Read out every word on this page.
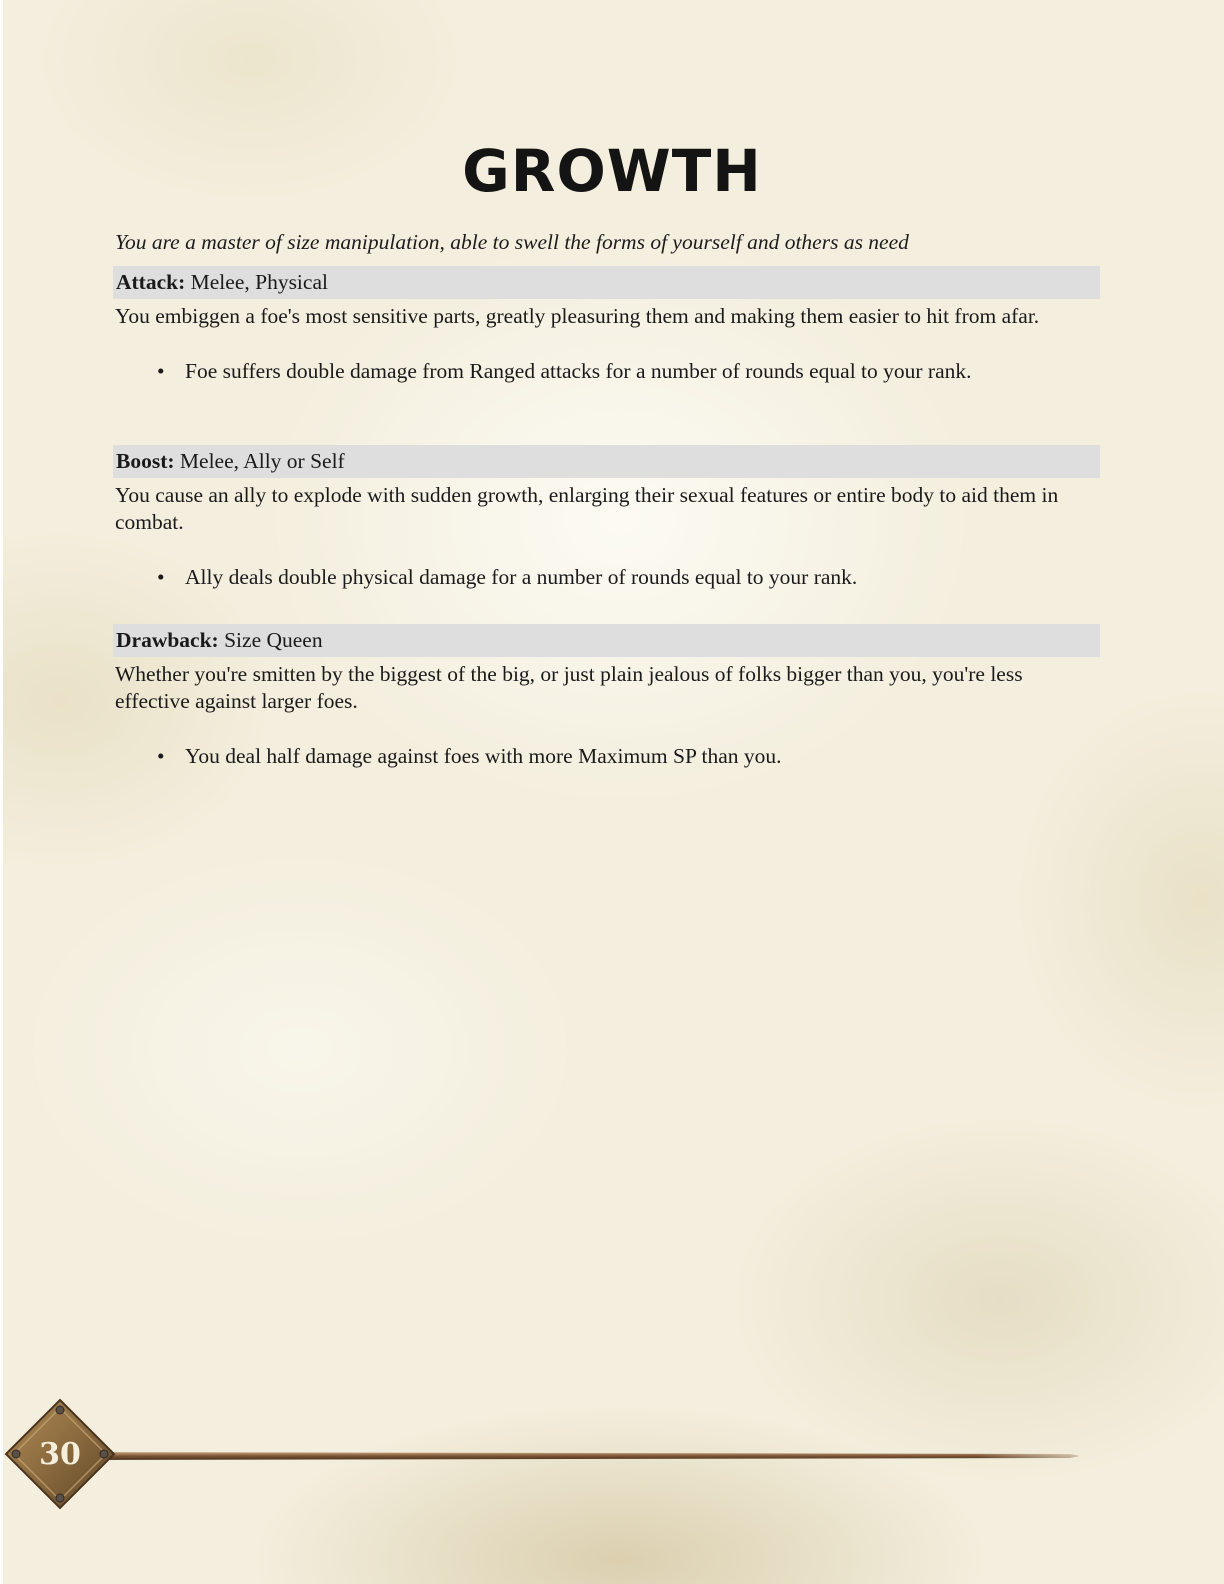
GROWTH

You are a master of size manipulation, able to swell the forms of yourself and others as need

Attack: Melee, Physical
You embiggen a foe's most sensitive parts, greatly pleasuring them and making them easier to hit from afar.
• Foe suffers double damage from Ranged attacks for a number of rounds equal to your rank.
Boost: Melee, Ally or Self
You cause an ally to explode with sudden growth, enlarging their sexual features or entire body to aid them in combat.
• Ally deals double physical damage for a number of rounds equal to your rank.
Drawback: Size Queen
Whether you're smitten by the biggest of the big, or just plain jealous of folks bigger than you, you're less effective against larger foes.
• You deal half damage against foes with more Maximum SP than you.
30
